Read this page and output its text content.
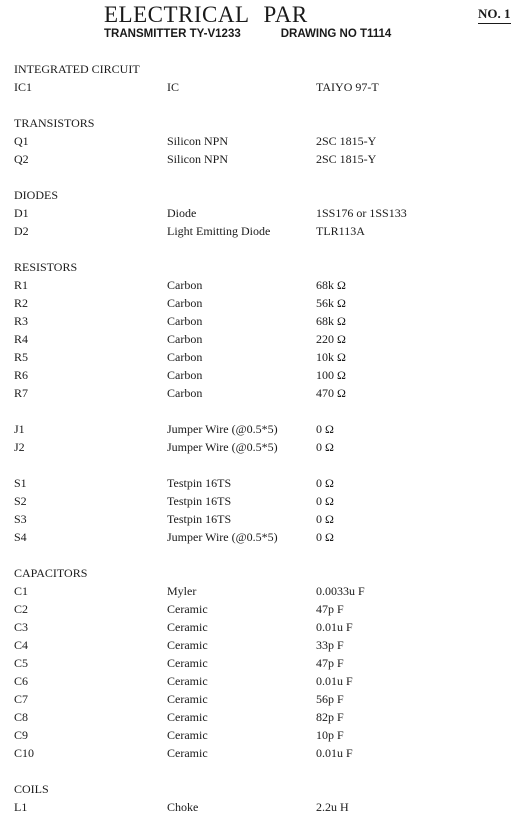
ELECTRICAL PAR
TRANSMITTER TY-V1233	DRAWING NO T1114
NO. 1
INTEGRATED CIRCUIT
IC1	IC	TAIYO 97-T
TRANSISTORS
Q1	Silicon NPN	2SC 1815-Y
Q2	Silicon NPN	2SC 1815-Y
DIODES
D1	Diode	1SS176 or 1SS133
D2	Light Emitting Diode	TLR113A
RESISTORS
R1	Carbon	68k Ω
R2	Carbon	56k Ω
R3	Carbon	68k Ω
R4	Carbon	220 Ω
R5	Carbon	10k Ω
R6	Carbon	100 Ω
R7	Carbon	470 Ω
J1	Jumper Wire (@0.5*5)	0 Ω
J2	Jumper Wire (@0.5*5)	0 Ω
S1	Testpin 16TS	0 Ω
S2	Testpin 16TS	0 Ω
S3	Testpin 16TS	0 Ω
S4	Jumper Wire (@0.5*5)	0 Ω
CAPACITORS
C1	Myler	0.0033u F
C2	Ceramic	47p F
C3	Ceramic	0.01u F
C4	Ceramic	33p F
C5	Ceramic	47p F
C6	Ceramic	0.01u F
C7	Ceramic	56p F
C8	Ceramic	82p F
C9	Ceramic	10p F
C10	Ceramic	0.01u F
COILS
L1	Choke	2.2u H
